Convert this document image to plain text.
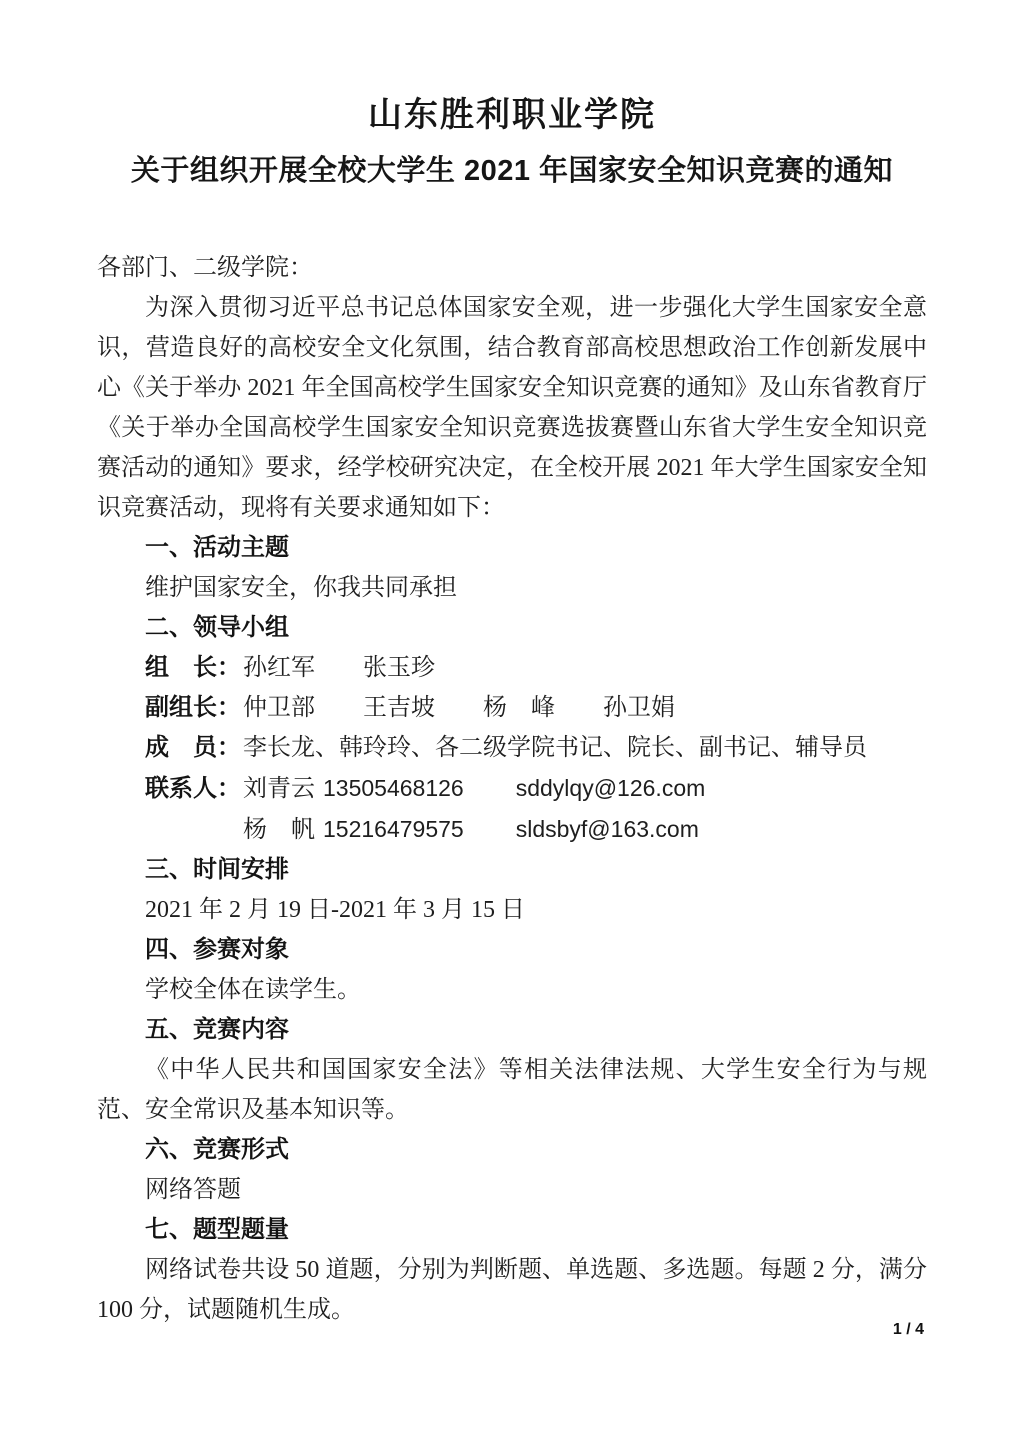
山东胜利职业学院
关于组织开展全校大学生 2021 年国家安全知识竞赛的通知

各部门、二级学院：

为深入贯彻习近平总书记总体国家安全观，进一步强化大学生国家安全意识，营造良好的高校安全文化氛围，结合教育部高校思想政治工作创新发展中心《关于举办 2021 年全国高校学生国家安全知识竞赛的通知》及山东省教育厅《关于举办全国高校学生国家安全知识竞赛选拔赛暨山东省大学生安全知识竞赛活动的通知》要求，经学校研究决定，在全校开展 2021 年大学生国家安全知识竞赛活动，现将有关要求通知如下：

一、活动主题

维护国家安全，你我共同承担

二、领导小组
组　长：孙红军　　张玉珍
副组长：仲卫部　　王吉坡　　杨　峰　　孙卫娟
成　员：李长龙、韩玲玲、各二级学院书记、院长、副书记、辅导员
联系人：刘青云 13505468126 sddylqy@126.com
杨　帆 15216479575 sldsbyf@163.com
三、时间安排

2021 年 2 月 19 日-2021 年 3 月 15 日

四、参赛对象

学校全体在读学生。

五、竞赛内容

《中华人民共和国国家安全法》等相关法律法规、大学生安全行为与规范、安全常识及基本知识等。

六、竞赛形式

网络答题

七、题型题量

网络试卷共设 50 道题，分别为判断题、单选题、多选题。每题 2 分，满分 100 分，试题随机生成。

1 / 4
